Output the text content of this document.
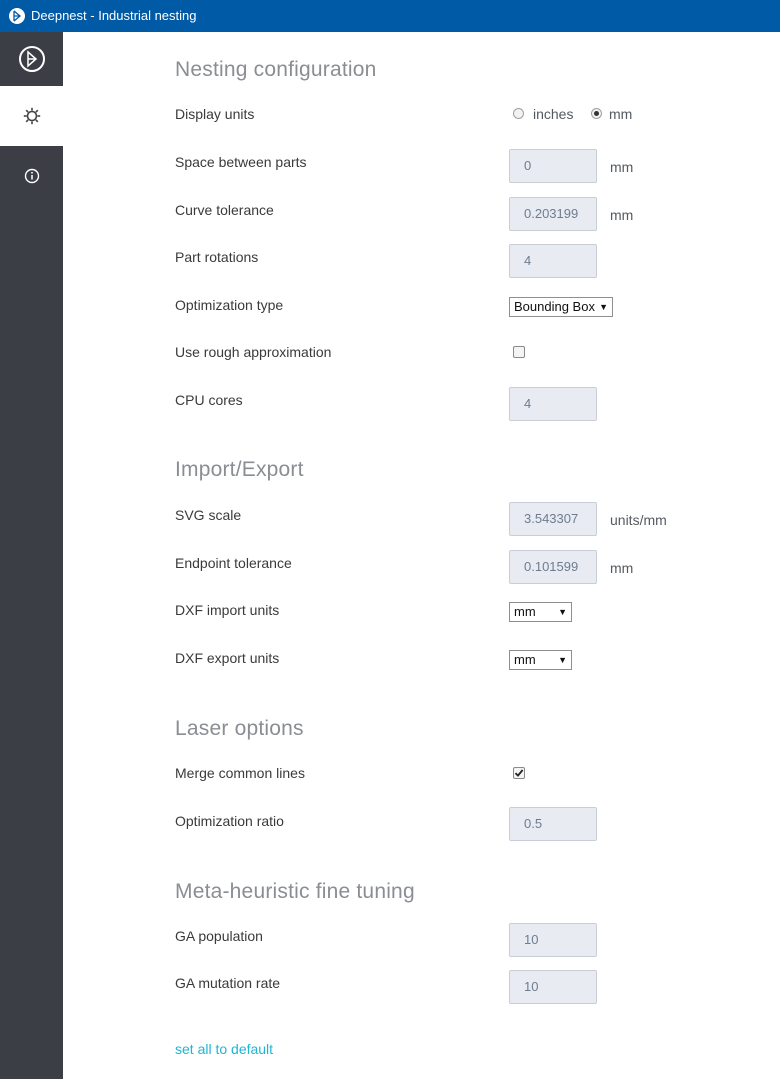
Deepnest - Industrial nesting
Nesting configuration
Display units	inches	mm
Space between parts	0	mm
Curve tolerance	0.203199	mm
Part rotations	4
Optimization type	Bounding Box ▼
Use rough approximation
CPU cores	4
Import/Export
SVG scale	3.543307	units/mm
Endpoint tolerance	0.101599	mm
DXF import units	mm ▼
DXF export units	mm ▼
Laser options
Merge common lines
Optimization ratio	0.5
Meta-heuristic fine tuning
GA population	10
GA mutation rate	10
set all to default
